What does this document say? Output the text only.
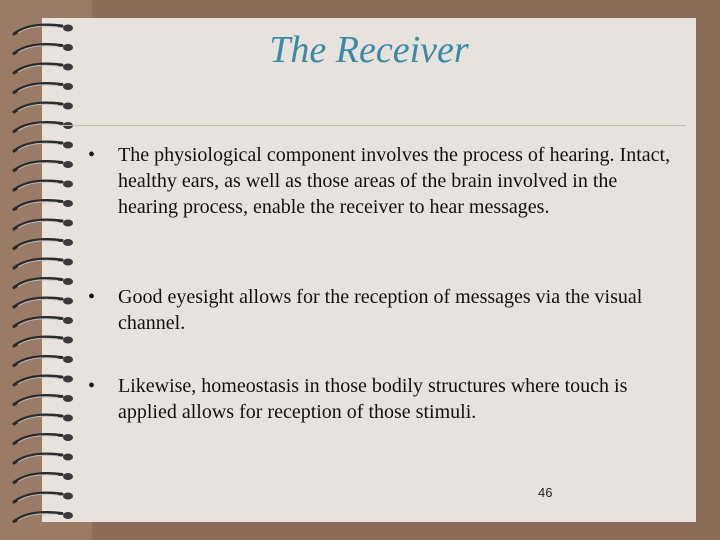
The Receiver
•	The physiological component involves the process of hearing. Intact, healthy ears, as well as those areas of the brain involved in the hearing process, enable the receiver to hear messages.
•	Good eyesight allows for the reception of messages via the visual channel.
•	Likewise, homeostasis in those bodily structures where touch is applied allows for reception of those stimuli.
46
